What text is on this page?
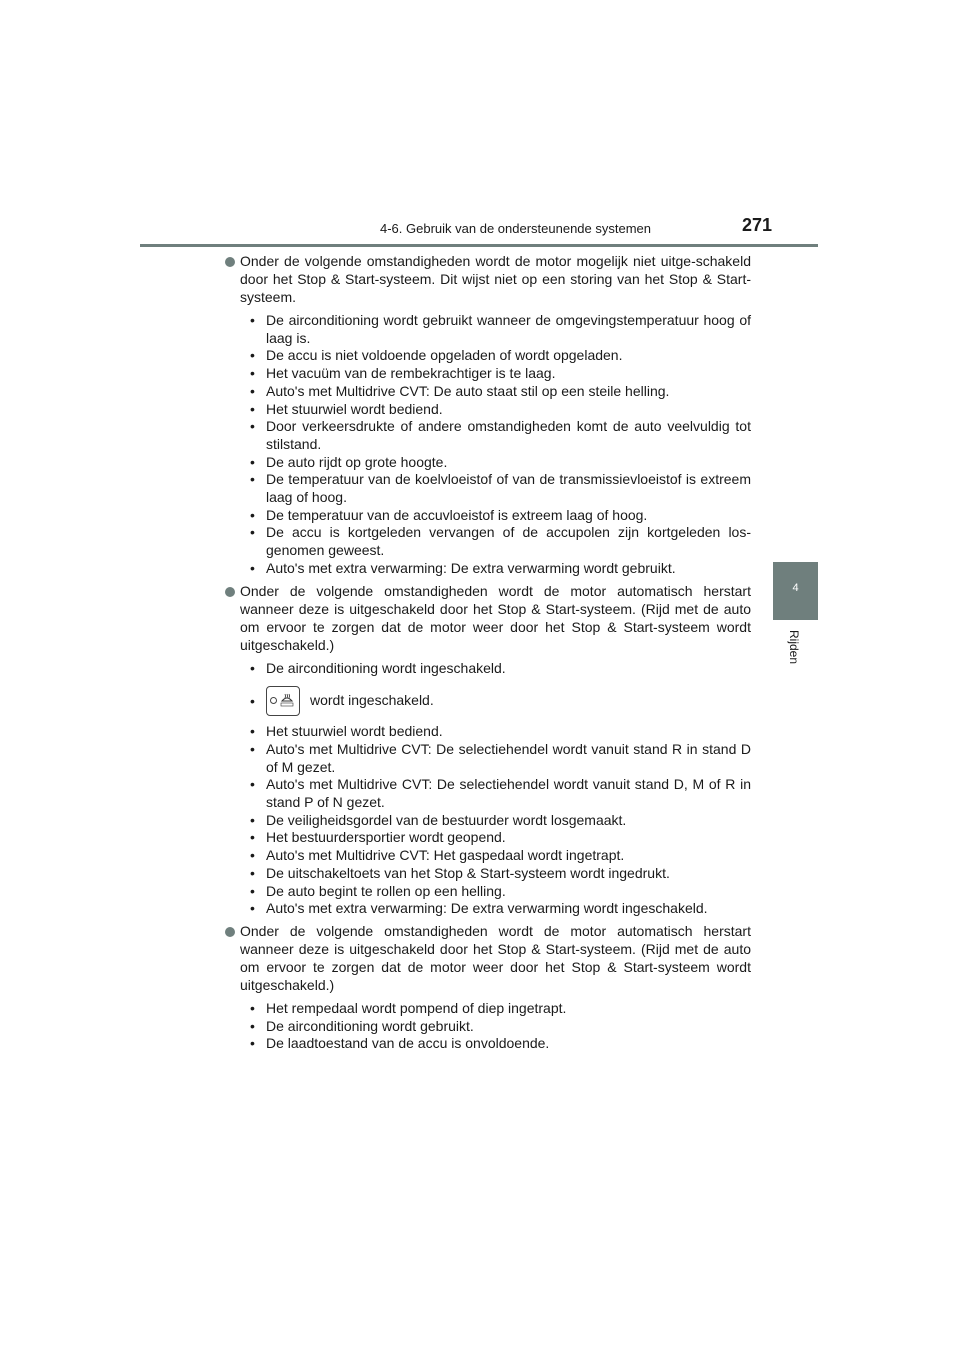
4-6. Gebruik van de ondersteunende systemen	271
4
Rijden
Onder de volgende omstandigheden wordt de motor mogelijk niet uitge-schakeld door het Stop & Start-systeem. Dit wijst niet op een storing van het Stop & Start-systeem.
• De airconditioning wordt gebruikt wanneer de omgevingstemperatuur hoog of laag is.
• De accu is niet voldoende opgeladen of wordt opgeladen.
• Het vacuüm van de rembekrachtiger is te laag.
• Auto's met Multidrive CVT: De auto staat stil op een steile helling.
• Het stuurwiel wordt bediend.
• Door verkeersdrukte of andere omstandigheden komt de auto veelvuldig tot stilstand.
• De auto rijdt op grote hoogte.
• De temperatuur van de koelvloeistof of van de transmissievloeistof is extreem laag of hoog.
• De temperatuur van de accuvloeistof is extreem laag of hoog.
• De accu is kortgeleden vervangen of de accupolen zijn kortgeleden los-genomen geweest.
• Auto's met extra verwarming: De extra verwarming wordt gebruikt.
Onder de volgende omstandigheden wordt de motor automatisch herstart wanneer deze is uitgeschakeld door het Stop & Start-systeem. (Rijd met de auto om ervoor te zorgen dat de motor weer door het Stop & Start-systeem wordt uitgeschakeld.)
• De airconditioning wordt ingeschakeld.
•	wordt ingeschakeld.
• Het stuurwiel wordt bediend.
• Auto's met Multidrive CVT: De selectiehendel wordt vanuit stand R in stand D of M gezet.
• Auto's met Multidrive CVT: De selectiehendel wordt vanuit stand D, M of R in stand P of N gezet.
• De veiligheidsgordel van de bestuurder wordt losgemaakt.
• Het bestuurdersportier wordt geopend.
• Auto's met Multidrive CVT: Het gaspedaal wordt ingetrapt.
• De uitschakeltoets van het Stop & Start-systeem wordt ingedrukt.
• De auto begint te rollen op een helling.
• Auto's met extra verwarming: De extra verwarming wordt ingeschakeld.
Onder de volgende omstandigheden wordt de motor automatisch herstart wanneer deze is uitgeschakeld door het Stop & Start-systeem. (Rijd met de auto om ervoor te zorgen dat de motor weer door het Stop & Start-systeem wordt uitgeschakeld.)
• Het rempedaal wordt pompend of diep ingetrapt.
• De airconditioning wordt gebruikt.
• De laadtoestand van de accu is onvoldoende.
